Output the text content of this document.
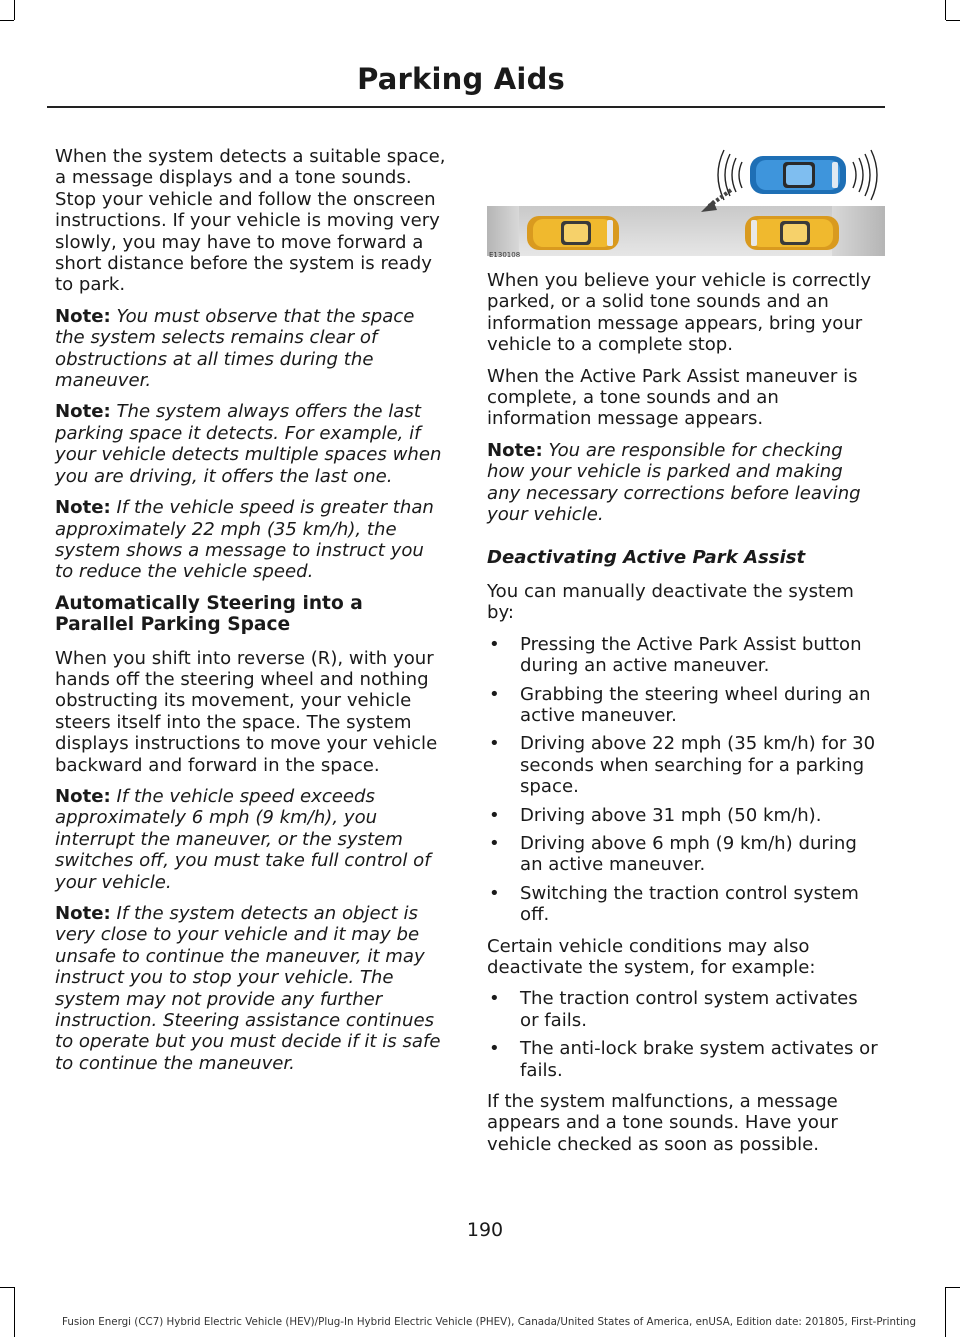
Parking Aids

When the system detects a suitable space, a message displays and a tone sounds. Stop your vehicle and follow the onscreen instructions. If your vehicle is moving very slowly, you may have to move forward a short distance before the system is ready to park.

Note: You must observe that the space the system selects remains clear of obstructions at all times during the maneuver.

Note: The system always offers the last parking space it detects. For example, if your vehicle detects multiple spaces when you are driving, it offers the last one.

Note: If the vehicle speed is greater than approximately 22 mph (35 km/h), the system shows a message to instruct you to reduce the vehicle speed.

Automatically Steering into a Parallel Parking Space

When you shift into reverse (R), with your hands off the steering wheel and nothing obstructing its movement, your vehicle steers itself into the space. The system displays instructions to move your vehicle backward and forward in the space.

Note: If the vehicle speed exceeds approximately 6 mph (9 km/h), you interrupt the maneuver, or the system switches off, you must take full control of your vehicle.

Note: If the system detects an object is very close to your vehicle and it may be unsafe to continue the maneuver, it may instruct you to stop your vehicle. The system may not provide any further instruction. Steering assistance continues to operate but you must decide if it is safe to continue the maneuver.

E130108

When you believe your vehicle is correctly parked, or a solid tone sounds and an information message appears, bring your vehicle to a complete stop.

When the Active Park Assist maneuver is complete, a tone sounds and an information message appears.

Note: You are responsible for checking how your vehicle is parked and making any necessary corrections before leaving your vehicle.

Deactivating Active Park Assist

You can manually deactivate the system by:

• Pressing the Active Park Assist button during an active maneuver.
• Grabbing the steering wheel during an active maneuver.
• Driving above 22 mph (35 km/h) for 30 seconds when searching for a parking space.
• Driving above 31 mph (50 km/h).
• Driving above 6 mph (9 km/h) during an active maneuver.
• Switching the traction control system off.

Certain vehicle conditions may also deactivate the system, for example:

• The traction control system activates or fails.
• The anti-lock brake system activates or fails.

If the system malfunctions, a message appears and a tone sounds. Have your vehicle checked as soon as possible.

190
Fusion Energi (CC7) Hybrid Electric Vehicle (HEV)/Plug-In Hybrid Electric Vehicle (PHEV), Canada/United States of America, enUSA, Edition date: 201805, First-Printing
